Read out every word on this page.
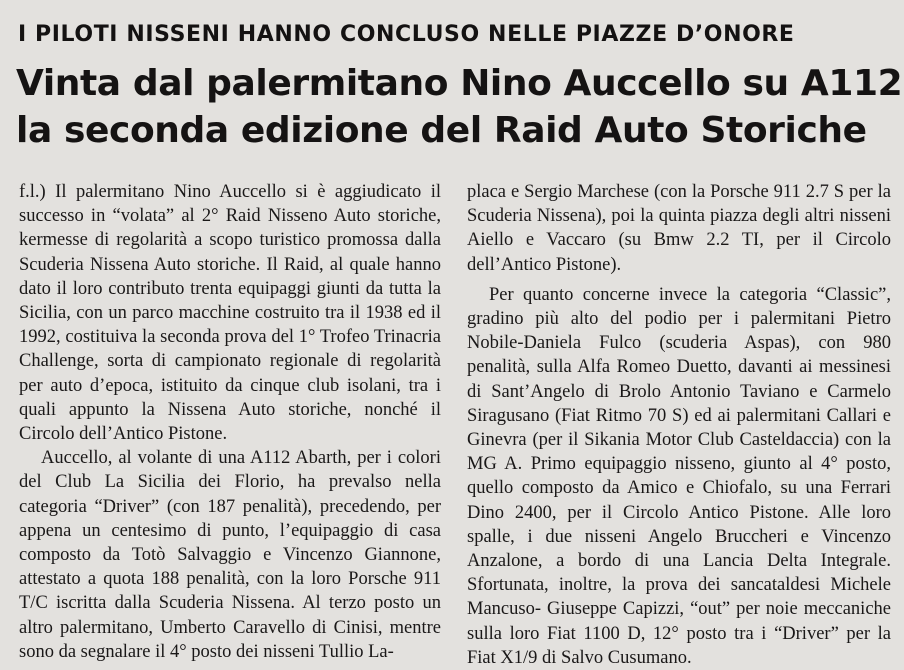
I PILOTI NISSENI HANNO CONCLUSO NELLE PIAZZE D’ONORE
Vinta dal palermitano Nino Auccello su A112
la seconda edizione del Raid Auto Storiche

f.l.) Il palermitano Nino Auccello si è aggiudicato il successo in “volata” al 2° Raid Nisseno Auto storiche, kermesse di regolarità a scopo turistico promossa dalla Scuderia Nissena Auto storiche. Il Raid, al quale hanno dato il loro contributo trenta equipaggi giunti da tutta la Sicilia, con un parco macchine costruito tra il 1938 ed il 1992, costituiva la seconda prova del 1° Trofeo Trinacria Challenge, sorta di campionato regionale di regolarità per auto d’epoca, istituito da cinque club isolani, tra i quali appunto la Nissena Auto storiche, nonché il Circolo dell’Antico Pistone.

Auccello, al volante di una A112 Abarth, per i colori del Club La Sicilia dei Florio, ha prevalso nella categoria “Driver” (con 187 penalità), precedendo, per appena un centesimo di punto, l’equipaggio di casa composto da Totò Salvaggio e Vincenzo Giannone, attestato a quota 188 penalità, con la loro Porsche 911 T/C iscritta dalla Scuderia Nissena. Al terzo posto un altro palermitano, Umberto Caravello di Cinisi, mentre sono da segnalare il 4° posto dei nisseni Tullio La-

placa e Sergio Marchese (con la Porsche 911 2.7 S per la Scuderia Nissena), poi la quinta piazza degli altri nisseni Aiello e Vaccaro (su Bmw 2.2 TI, per il Circolo dell’Antico Pistone).

Per quanto concerne invece la categoria “Classic”, gradino più alto del podio per i palermitani Pietro Nobile-Daniela Fulco (scuderia Aspas), con 980 penalità, sulla Alfa Romeo Duetto, davanti ai messinesi di Sant’Angelo di Brolo Antonio Taviano e Carmelo Siragusano (Fiat Ritmo 70 S) ed ai palermitani Callari e Ginevra (per il Sikania Motor Club Casteldaccia) con la MG A. Primo equipaggio nisseno, giunto al 4° posto, quello composto da Amico e Chiofalo, su una Ferrari Dino 2400, per il Circolo Antico Pistone. Alle loro spalle, i due nisseni Angelo Bruccheri e Vincenzo Anzalone, a bordo di una Lancia Delta Integrale. Sfortunata, inoltre, la prova dei sancataldesi Michele Mancuso- Giuseppe Capizzi, “out” per noie meccaniche sulla loro Fiat 1100 D, 12° posto tra i “Driver” per la Fiat X1/9 di Salvo Cusumano.
